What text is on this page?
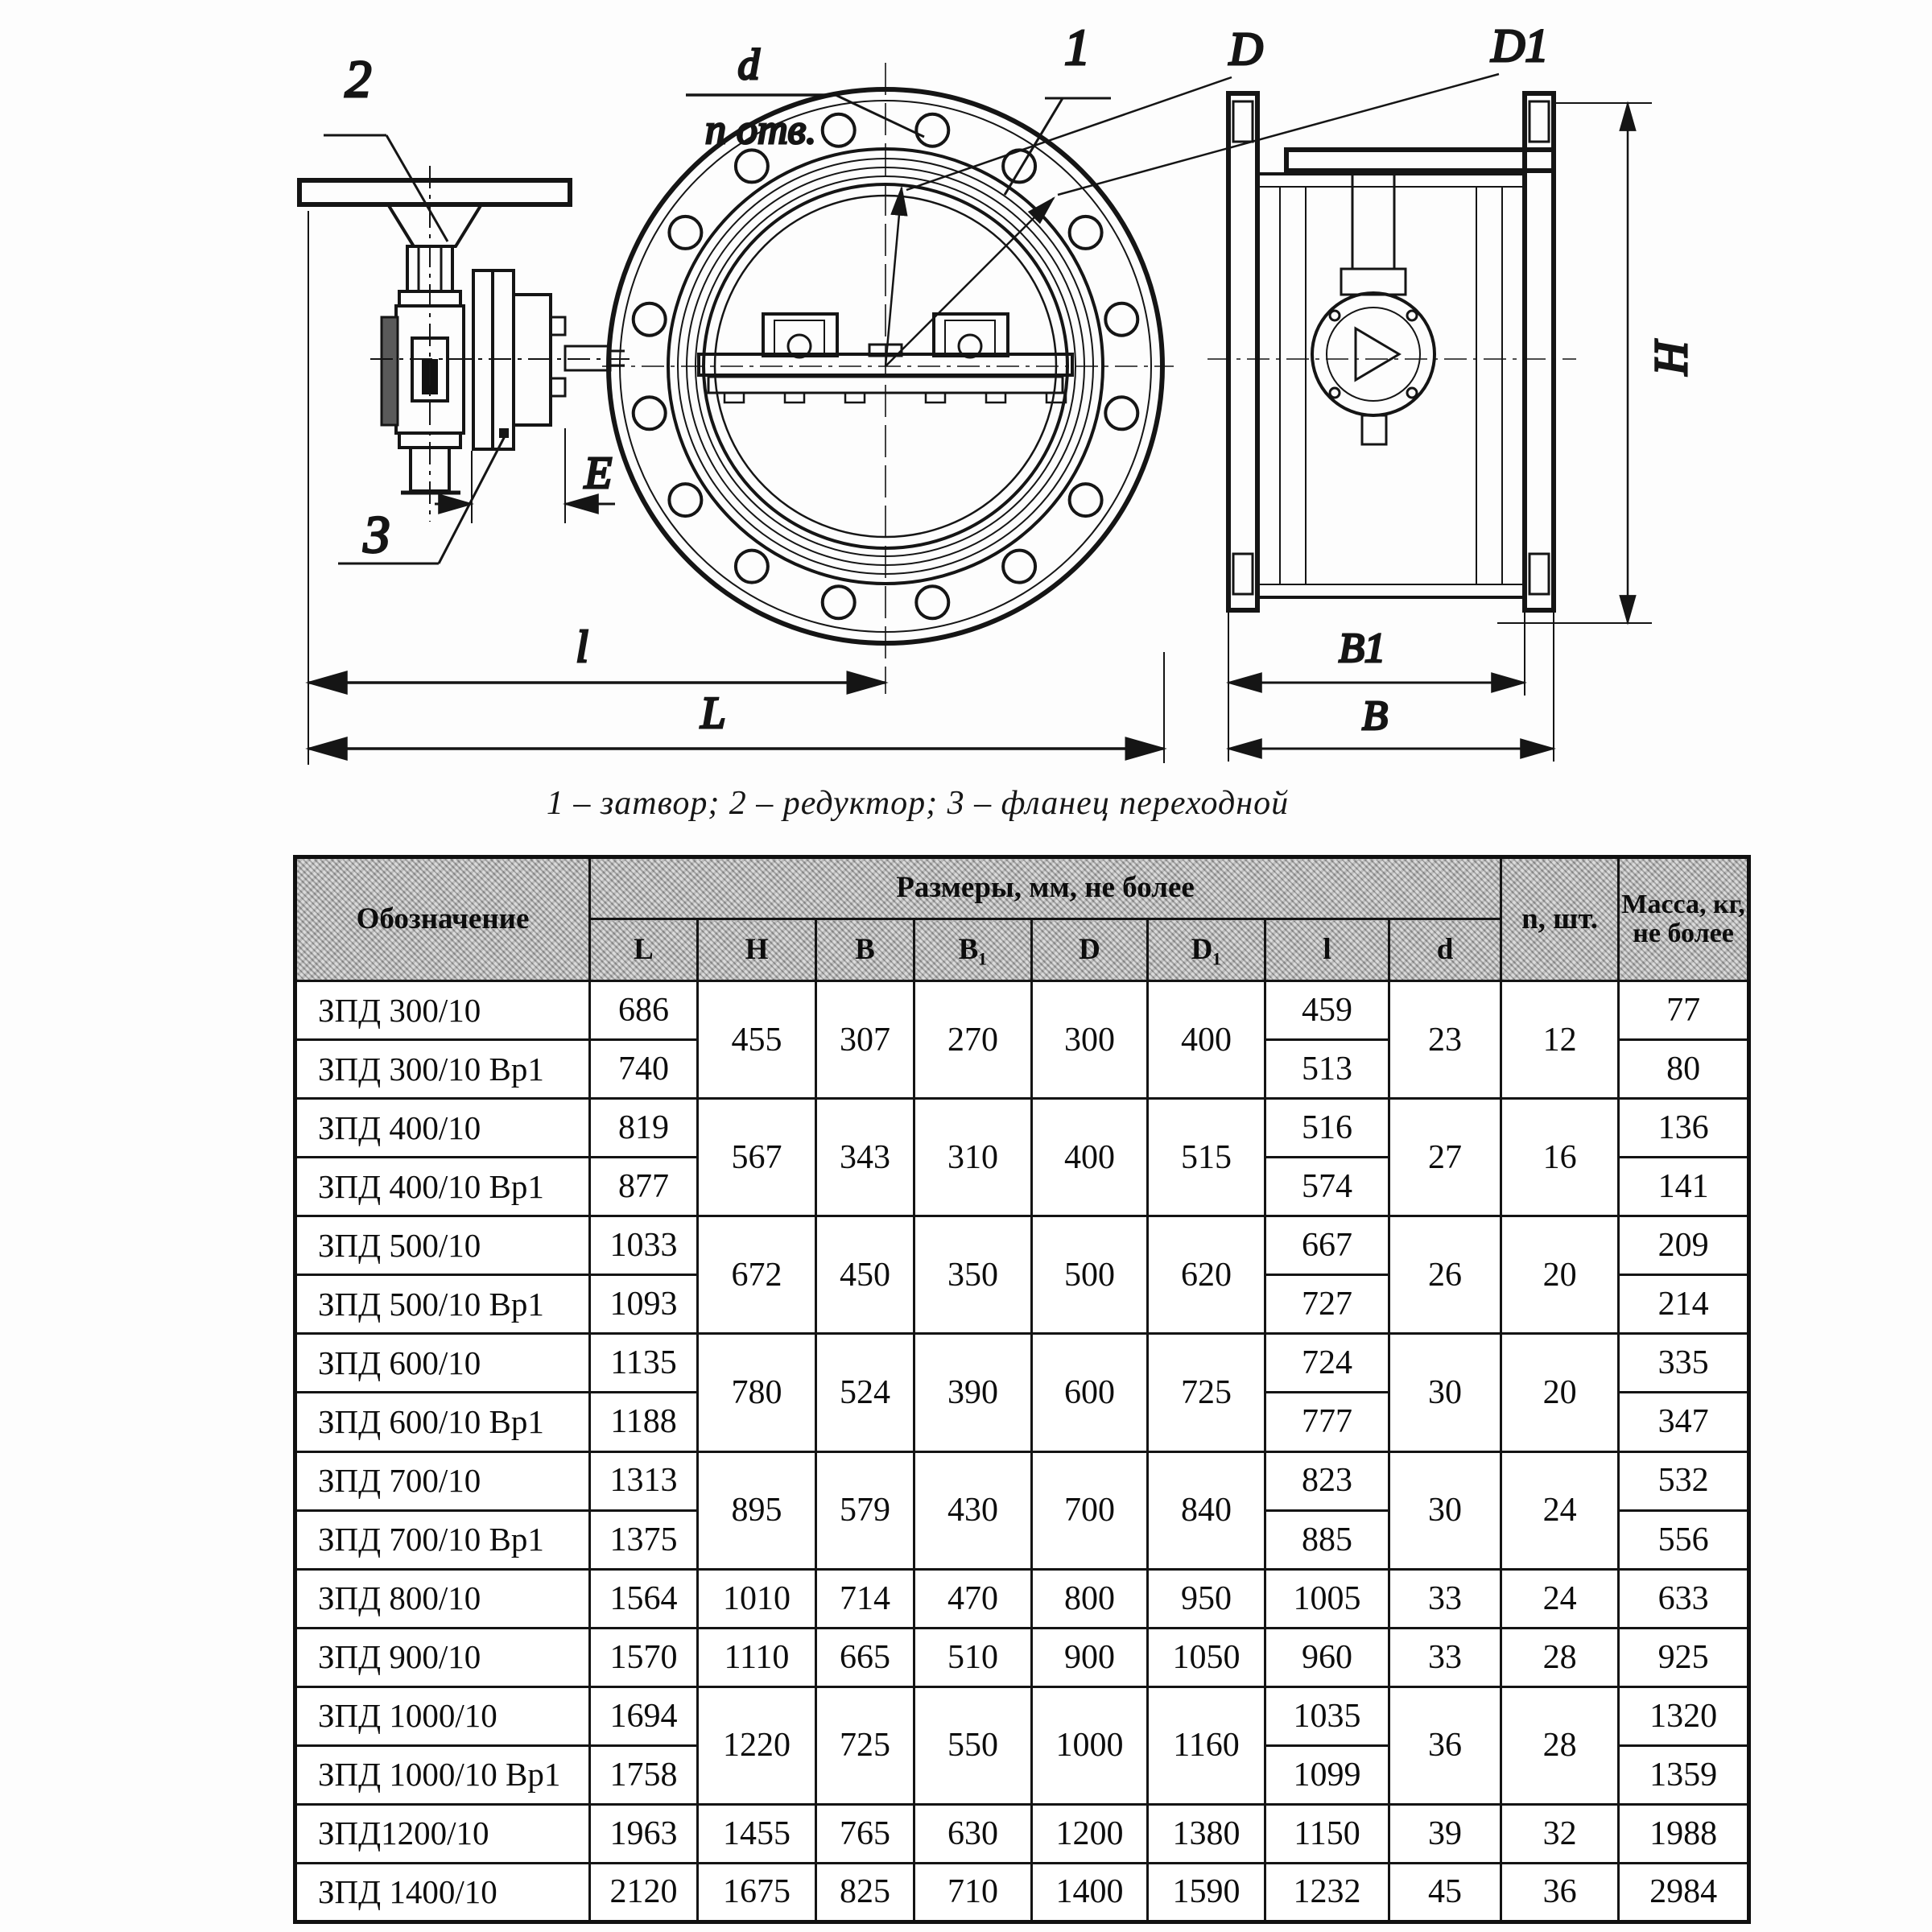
2
3
E
d
n отв.
1	D	D1
H
B1
B
l
L
1 – затвор; 2 – редуктор; 3 – фланец переходной
Обозначение	Размеры, мм, не более								n, шт.	Масса, кг, не более
	L	H	B	B₁	D	D₁	l	d		
ЗПД 300/10	686	455	307	270	300	400	459	23	12	77
ЗПД 300/10 Вр1	740						513			80
ЗПД 400/10	819	567	343	310	400	515	516	27	16	136
ЗПД 400/10 Вр1	877						574			141
ЗПД 500/10	1033	672	450	350	500	620	667	26	20	209
ЗПД 500/10 Вр1	1093						727			214
ЗПД 600/10	1135	780	524	390	600	725	724	30	20	335
ЗПД 600/10 Вр1	1188						777			347
ЗПД 700/10	1313	895	579	430	700	840	823	30	24	532
ЗПД 700/10 Вр1	1375						885			556
ЗПД 800/10	1564	1010	714	470	800	950	1005	33	24	633
ЗПД 900/10	1570	1110	665	510	900	1050	960	33	28	925
ЗПД 1000/10	1694	1220	725	550	1000	1160	1035	36	28	1320
ЗПД 1000/10 Вр1	1758						1099			1359
ЗПД1200/10	1963	1455	765	630	1200	1380	1150	39	32	1988
ЗПД 1400/10	2120	1675	825	710	1400	1590	1232	45	36	2984
